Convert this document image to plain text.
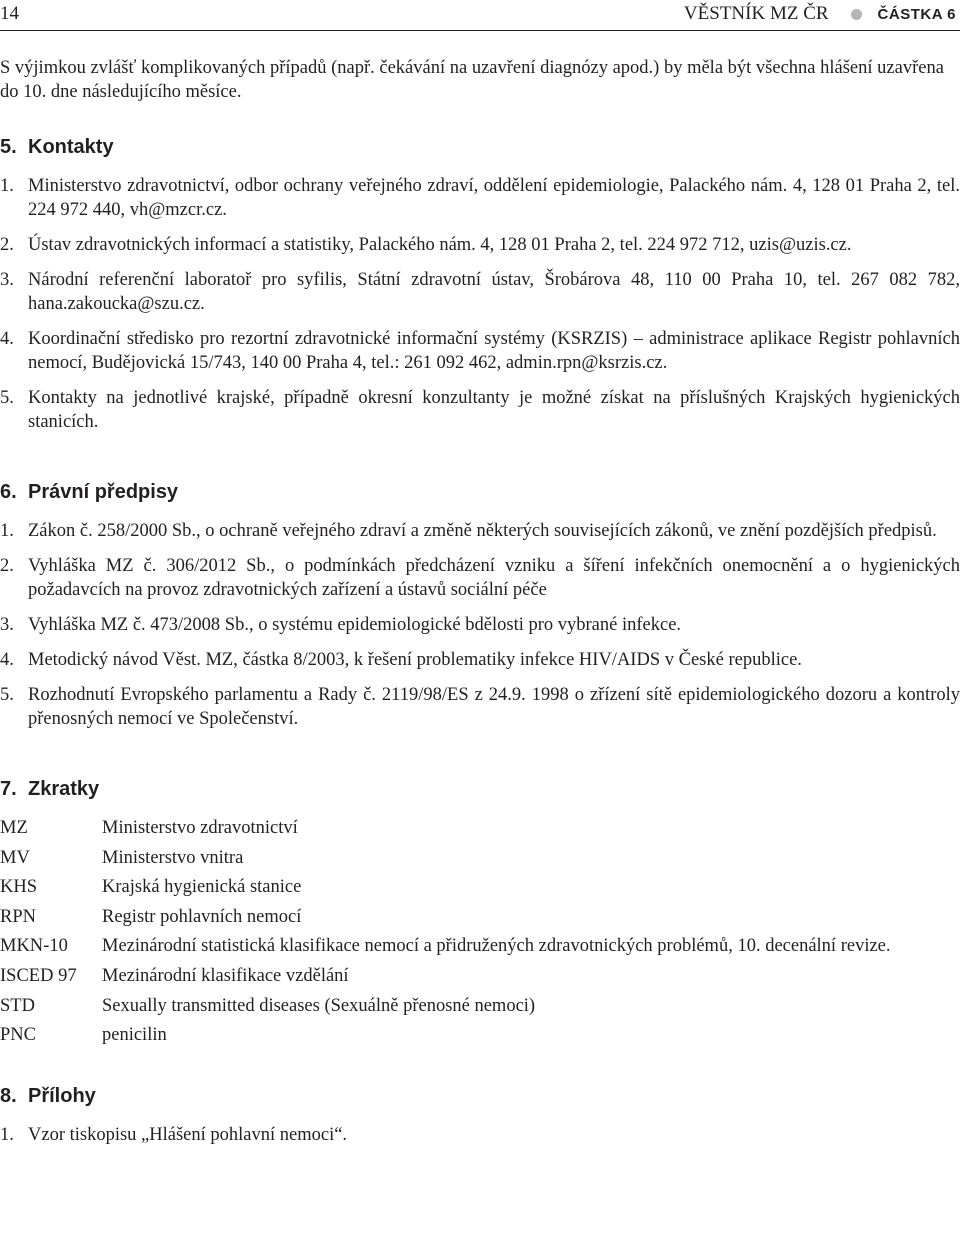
14	VĚSTNÍK MZ ČR	ČÁSTKA 6

S výjimkou zvlášť komplikovaných případů (např. čekávání na uzavření diagnózy apod.) by měla být všechna hlášení uzavřena do 10. dne následujícího měsíce.

5. Kontakty
1. Ministerstvo zdravotnictví, odbor ochrany veřejného zdraví, oddělení epidemiologie, Palackého nám. 4, 128 01 Praha 2, tel. 224 972 440, vh@mzcr.cz.
2. Ústav zdravotnických informací a statistiky, Palackého nám. 4, 128 01 Praha 2, tel. 224 972 712, uzis@uzis.cz.
3. Národní referenční laboratoř pro syfilis, Státní zdravotní ústav, Šrobárova 48, 110 00 Praha 10, tel. 267 082 782, hana.zakoucka@szu.cz.
4. Koordinační středisko pro rezortní zdravotnické informační systémy (KSRZIS) – administrace aplikace Registr pohlavních nemocí, Budějovická 15/743, 140 00 Praha 4, tel.: 261 092 462, admin.rpn@ksrzis.cz.
5. Kontakty na jednotlivé krajské, případně okresní konzultanty je možné získat na příslušných Krajských hygienických stanicích.
6. Právní předpisy
1. Zákon č. 258/2000 Sb., o ochraně veřejného zdraví a změně některých souvisejících zákonů, ve znění pozdějších předpisů.
2. Vyhláška MZ č. 306/2012 Sb., o podmínkách předcházení vzniku a šíření infekčních onemocnění a o hygienických požadavcích na provoz zdravotnických zařízení a ústavů sociální péče
3. Vyhláška MZ č. 473/2008 Sb., o systému epidemiologické bdělosti pro vybrané infekce.
4. Metodický návod Věst. MZ, částka 8/2003, k řešení problematiky infekce HIV/AIDS v České republice.
5. Rozhodnutí Evropského parlamentu a Rady č. 2119/98/ES z 24.9. 1998 o zřízení sítě epidemiologického dozoru a kontroly přenosných nemocí ve Společenství.
7. Zkratky
MZ	Ministerstvo zdravotnictví
MV	Ministerstvo vnitra
KHS	Krajská hygienická stanice
RPN	Registr pohlavních nemocí
MKN-10	Mezinárodní statistická klasifikace nemocí a přidružených zdravotnických problémů, 10. decenální revize.
ISCED 97	Mezinárodní klasifikace vzdělání
STD	Sexually transmitted diseases (Sexuálně přenosné nemoci)
PNC	penicilin
8. Přílohy
1. Vzor tiskopisu „Hlášení pohlavní nemoci“.
